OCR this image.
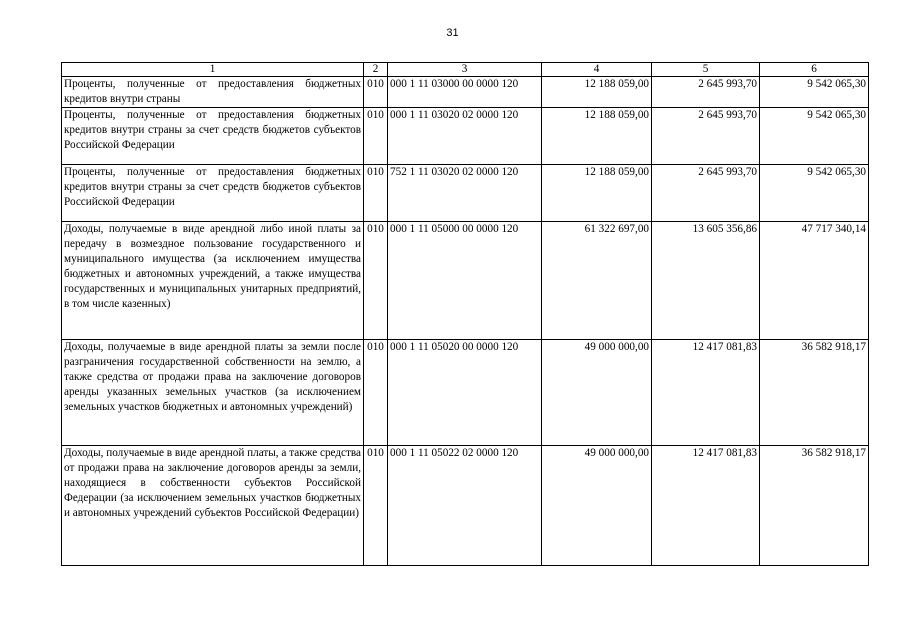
31
1	2	3	4	5	6
Проценты, полученные от предоставления бюджетных кредитов внутри страны	010	000 1 11 03000 00 0000 120	12 188 059,00	2 645 993,70	9 542 065,30
Проценты, полученные от предоставления бюджетных кредитов внутри страны за счет средств бюджетов субъектов Российской Федерации	010	000 1 11 03020 02 0000 120	12 188 059,00	2 645 993,70	9 542 065,30
Проценты, полученные от предоставления бюджетных кредитов внутри страны за счет средств бюджетов субъектов Российской Федерации	010	752 1 11 03020 02 0000 120	12 188 059,00	2 645 993,70	9 542 065,30
Доходы, получаемые в виде арендной либо иной платы за передачу в возмездное пользование государственного и муниципального имущества (за исключением имущества бюджетных и автономных учреждений, а также имущества государственных и муниципальных унитарных предприятий, в том числе казенных)	010	000 1 11 05000 00 0000 120	61 322 697,00	13 605 356,86	47 717 340,14
Доходы, получаемые в виде арендной платы за земли после разграничения государственной собственности на землю, а также средства от продажи права на заключение договоров аренды указанных земельных участков (за исключением земельных участков бюджетных и автономных учреждений)	010	000 1 11 05020 00 0000 120	49 000 000,00	12 417 081,83	36 582 918,17
Доходы, получаемые в виде арендной платы, а также средства от продажи права на заключение договоров аренды за земли, находящиеся в собственности субъектов Российской Федерации (за исключением земельных участков бюджетных и автономных учреждений субъектов Российской Федерации)	010	000 1 11 05022 02 0000 120	49 000 000,00	12 417 081,83	36 582 918,17
